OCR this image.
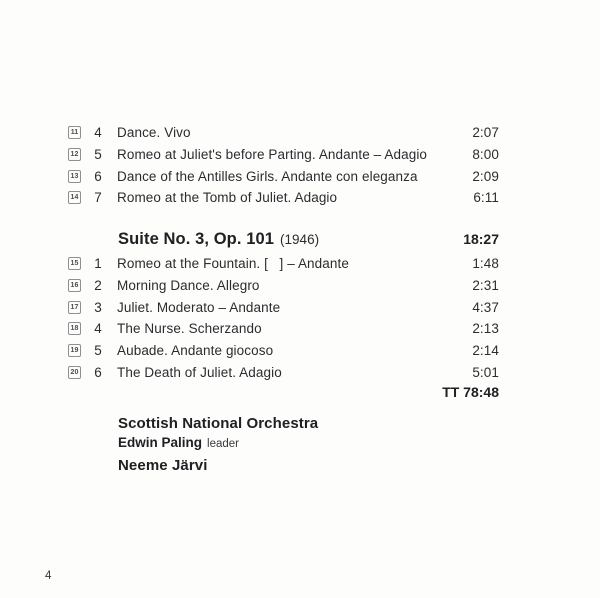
11	4	Dance. Vivo	2:07
12	5	Romeo at Juliet's before Parting. Andante – Adagio	8:00
13	6	Dance of the Antilles Girls. Andante con eleganza	2:09
14	7	Romeo at the Tomb of Juliet. Adagio	6:11
Suite No. 3, Op. 101 (1946)	18:27
15	1	Romeo at the Fountain. [   ] – Andante	1:48
16	2	Morning Dance. Allegro	2:31
17	3	Juliet. Moderato – Andante	4:37
18	4	The Nurse. Scherzando	2:13
19	5	Aubade. Andante giocoso	2:14
20	6	The Death of Juliet. Adagio	5:01
TT 78:48
Scottish National Orchestra
Edwin Paling leader
Neeme Järvi
4
